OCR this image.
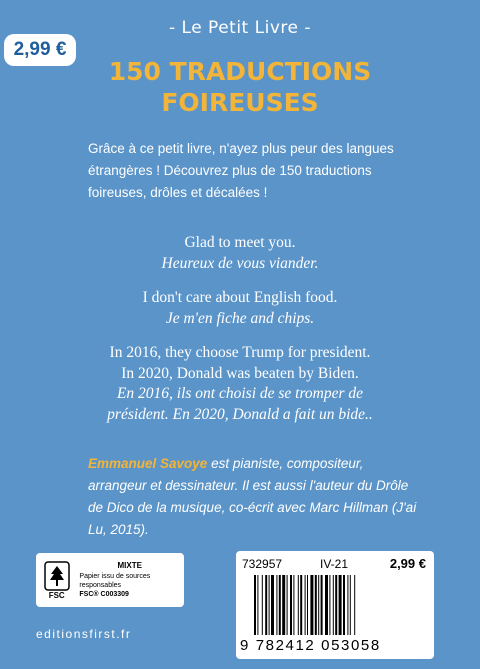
- Le Petit Livre -
2,99 €
150 TRADUCTIONS
FOIREUSES
Grâce à ce petit livre, n'ayez plus peur des langues étrangères ! Découvrez plus de 150 traductions foireuses, drôles et décalées !
Glad to meet you.
Heureux de vous viander.
I don't care about English food.
Je m'en fiche and chips.
In 2016, they choose Trump for president. In 2020, Donald was beaten by Biden.
En 2016, ils ont choisi de se tromper de président. En 2020, Donald a fait un bide..
Emmanuel Savoye est pianiste, compositeur, arrangeur et dessinateur. Il est aussi l'auteur du Drôle de Dico de la musique, co-écrit avec Marc Hillman (J'ai Lu, 2015).
FSC
MIXTE
Papier issu de sources responsables
FSC® C003309
editionsfirst.fr
732957	IV-21	2,99 €
9 782412 053058
